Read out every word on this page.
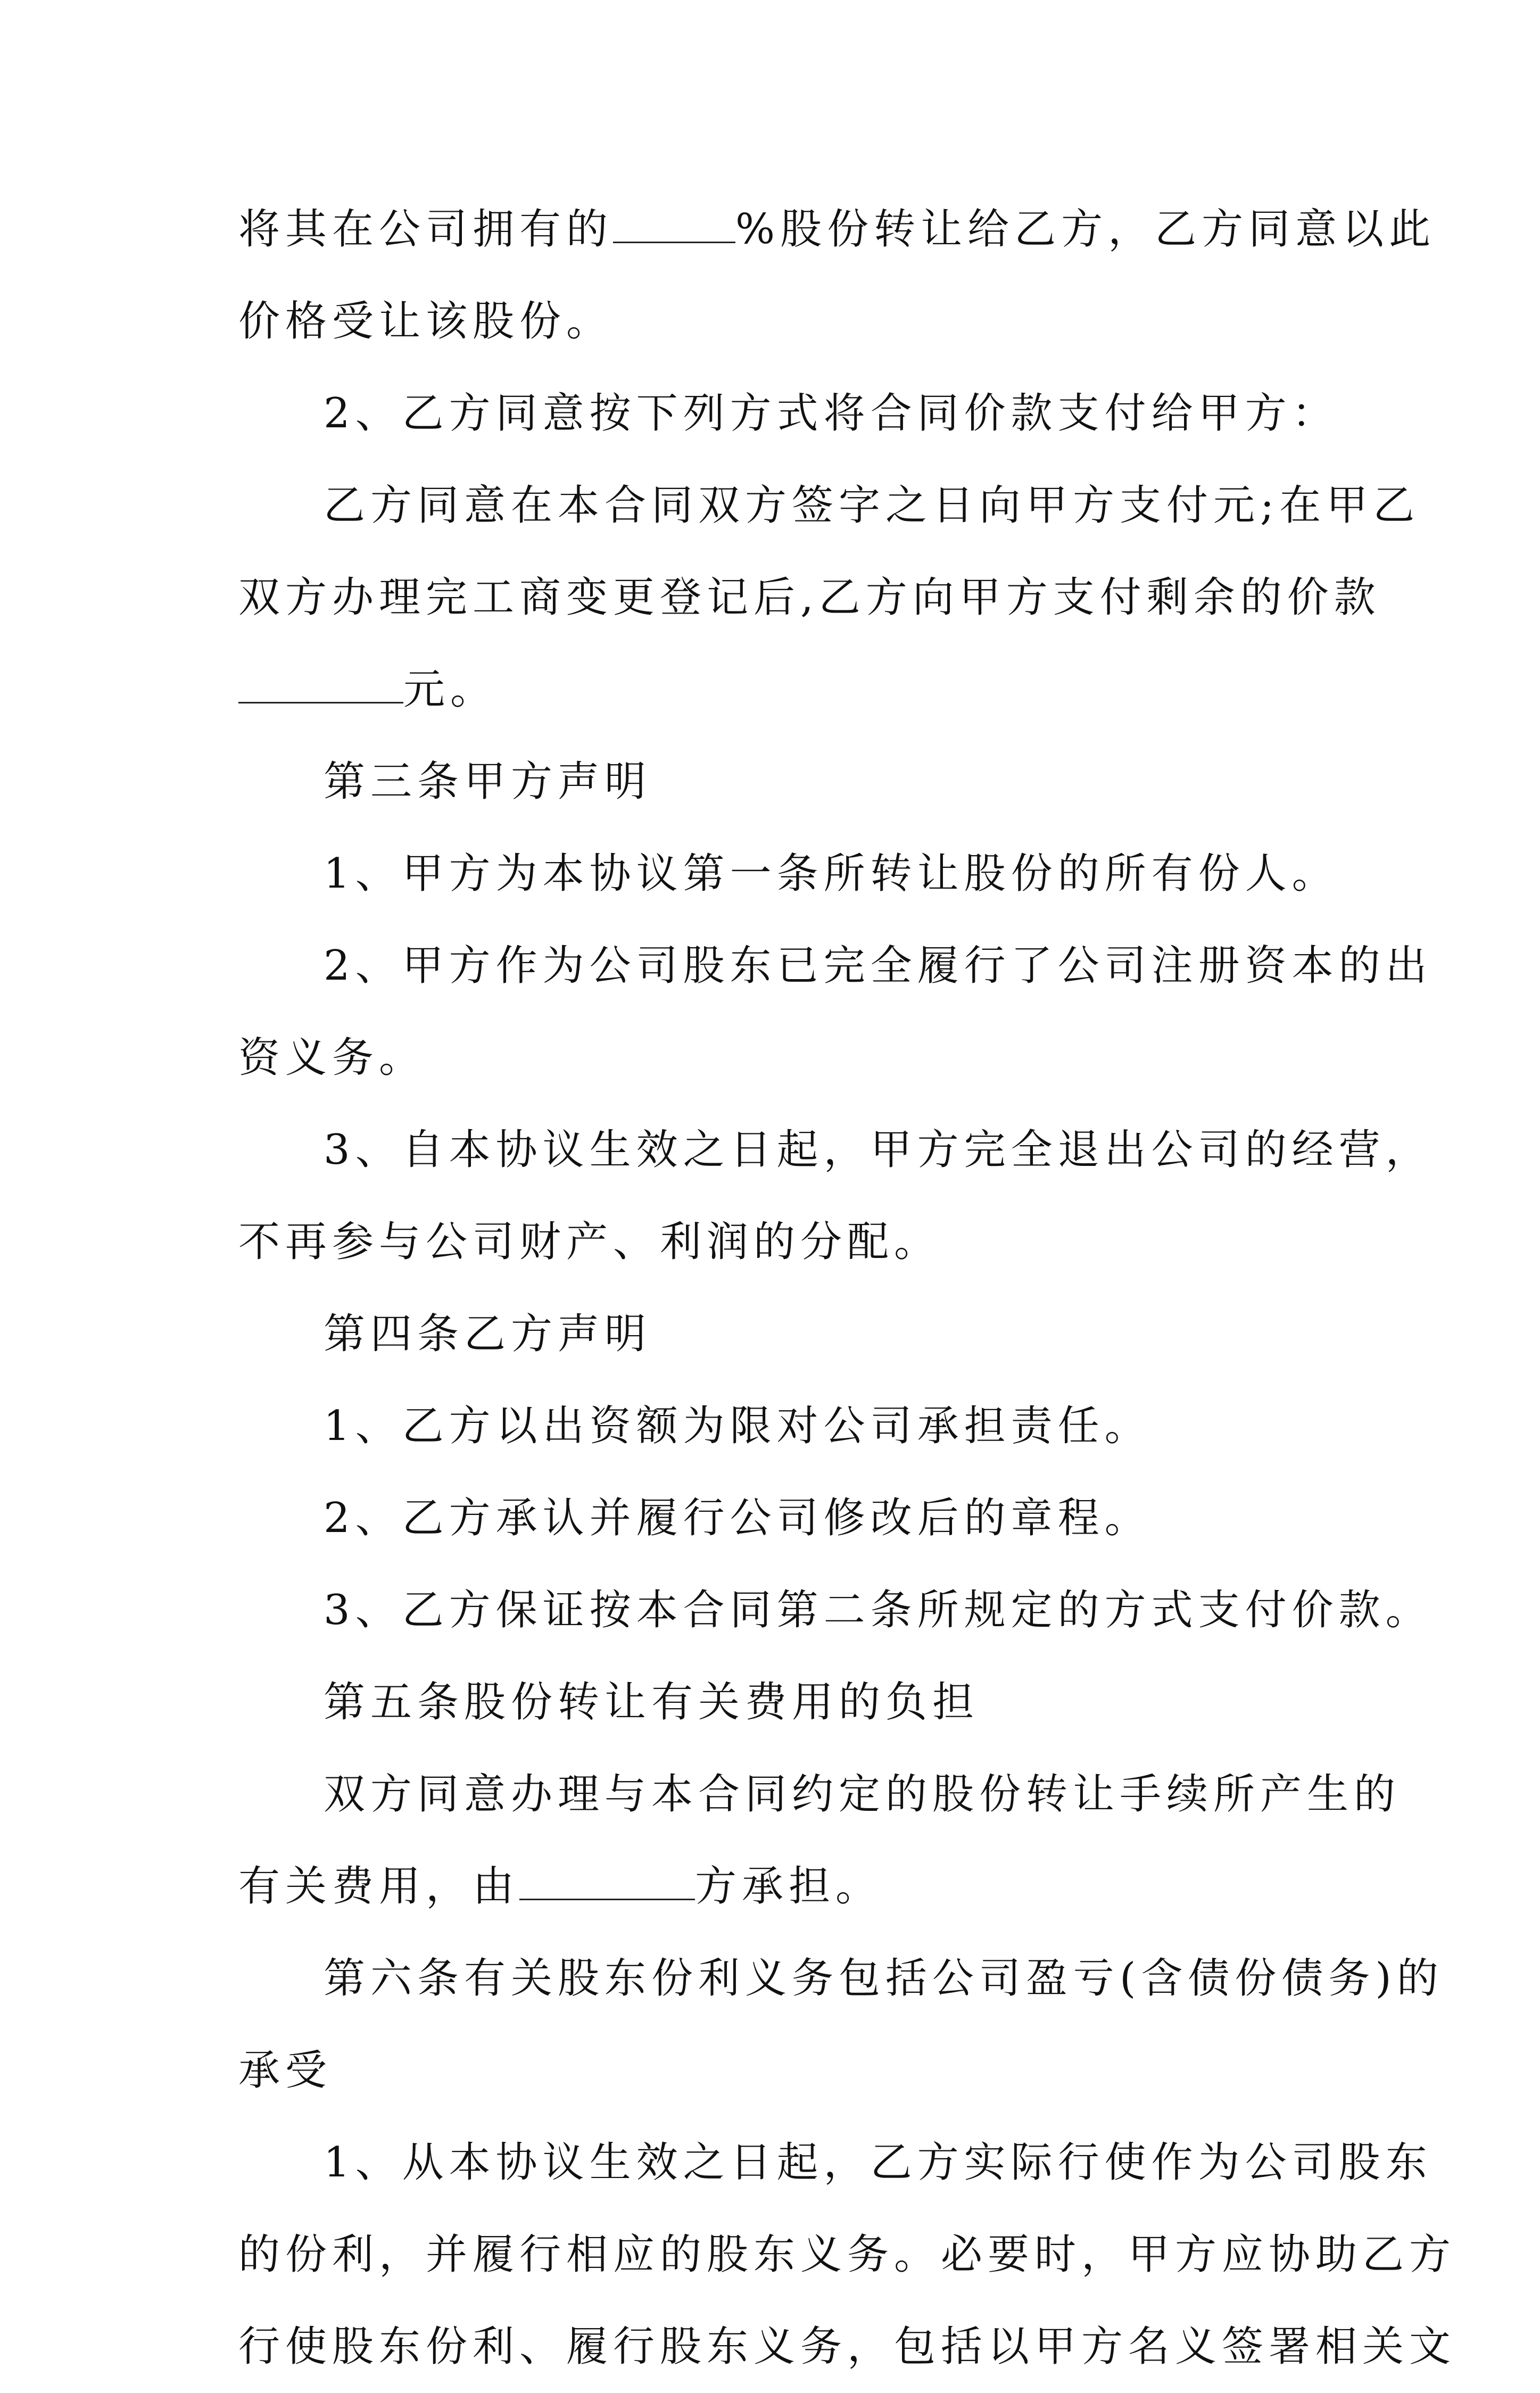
将其在公司拥有的	%股份转让给乙方，乙方同意以此
价格受让该股份。
2、乙方同意按下列方式将合同价款支付给甲方：
乙方同意在本合同双方签字之日向甲方支付元;在甲乙
双方办理完工商变更登记后,乙方向甲方支付剩余的价款
元。
第三条甲方声明
1、甲方为本协议第一条所转让股份的所有份人。
2、甲方作为公司股东已完全履行了公司注册资本的出
资义务。
3、自本协议生效之日起，甲方完全退出公司的经营，
不再参与公司财产、利润的分配。
第四条乙方声明
1、乙方以出资额为限对公司承担责任。
2、乙方承认并履行公司修改后的章程。
3、乙方保证按本合同第二条所规定的方式支付价款。
第五条股份转让有关费用的负担
双方同意办理与本合同约定的股份转让手续所产生的
有关费用，由	方承担。
第六条有关股东份利义务包括公司盈亏(含债份债务)的
承受
1、从本协议生效之日起，乙方实际行使作为公司股东
的份利，并履行相应的股东义务。必要时，甲方应协助乙方
行使股东份利、履行股东义务，包括以甲方名义签署相关文
